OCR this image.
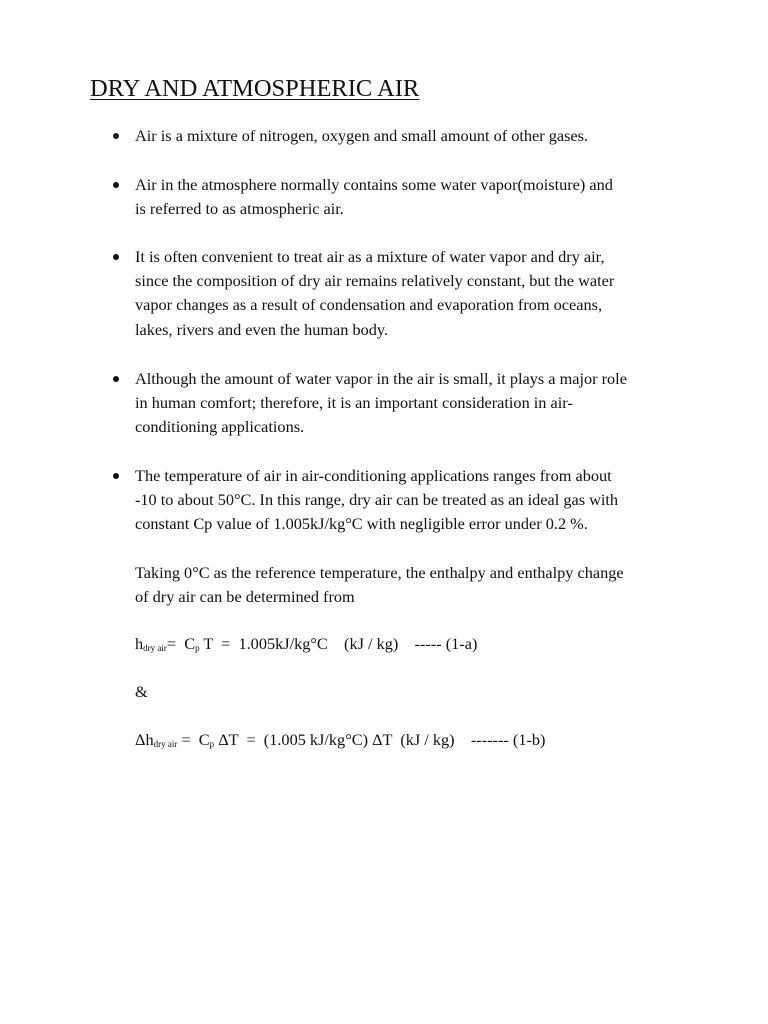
DRY AND ATMOSPHERIC AIR
Air is a mixture of nitrogen, oxygen and small amount of other gases.
Air in the atmosphere normally contains some water vapor(moisture) and
is referred to as atmospheric air.
It is often convenient to treat air as a mixture of water vapor and dry air,
since the composition of dry air remains relatively constant, but the water
vapor changes as a result of condensation and evaporation from oceans,
lakes, rivers and even the human body.
Although the amount of water vapor in the air is small, it plays a major role
in human comfort; therefore, it is an important consideration in air-
conditioning applications.
The temperature of air in air-conditioning applications ranges from about
-10 to about 50°C. In this range, dry air can be treated as an ideal gas with
constant Cp value of 1.005kJ/kg°C with negligible error under 0.2 %.

Taking 0°C as the reference temperature, the enthalpy and enthalpy change
of dry air can be determined from

$h_{dry air}= C_p$ T  =  1.005kJ/kg°C    (kJ / kg)    ----- (1-a)
&
$\Delta h_{dry air} = C_p$ ΔT  =  (1.005 kJ/kg°C) ΔT  (kJ / kg)    ------- (1-b)
